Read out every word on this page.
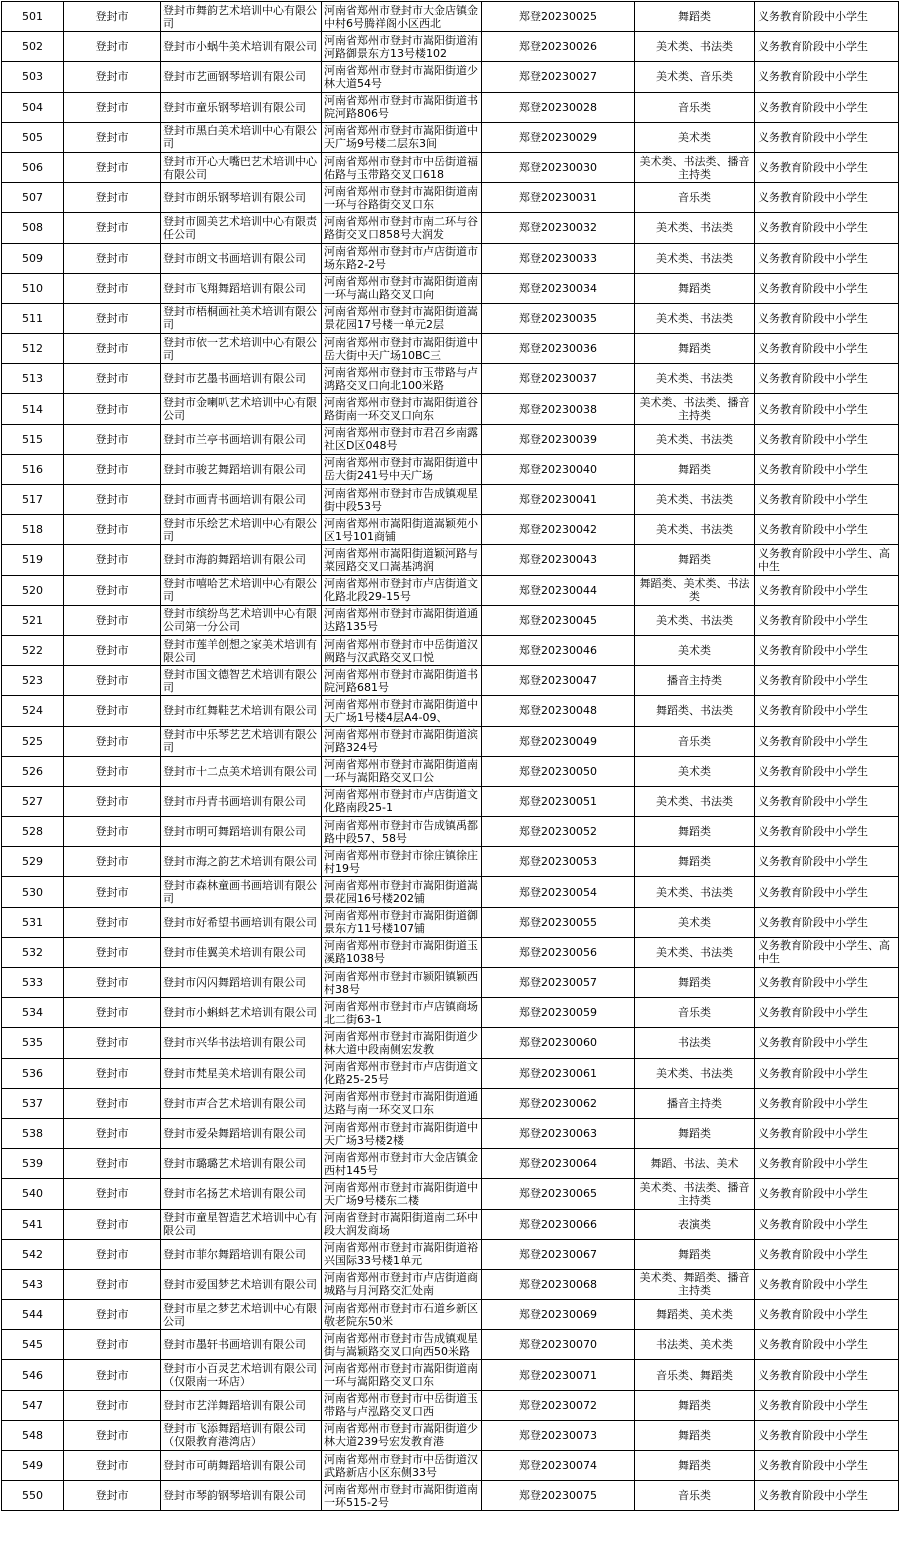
501	登封市	登封市舞韵艺术培训中心有限公司	河南省郑州市登封市大金店镇金中村6号腾祥阁小区西北	郑登20230025	舞蹈类	义务教育阶段中小学生
502	登封市	登封市小蜗牛美术培训有限公司	河南省郑州市登封市嵩阳街道洧河路御景东方13号楼102	郑登20230026	美术类、书法类	义务教育阶段中小学生
503	登封市	登封市艺画钢琴培训有限公司	河南省郑州市登封市嵩阳街道少林大道54号	郑登20230027	美术类、音乐类	义务教育阶段中小学生
504	登封市	登封市童乐钢琴培训有限公司	河南省郑州市登封市嵩阳街道书院河路806号	郑登20230028	音乐类	义务教育阶段中小学生
505	登封市	登封市黑白美术培训中心有限公司	河南省郑州市登封市嵩阳街道中天广场9号楼二层东3间	郑登20230029	美术类	义务教育阶段中小学生
506	登封市	登封市开心大嘴巴艺术培训中心有限公司	河南省郑州市登封市中岳街道福佑路与玉带路交叉口618	郑登20230030	美术类、书法类、播音主持类	义务教育阶段中小学生
507	登封市	登封市朗乐钢琴培训有限公司	河南省郑州市登封市嵩阳街道南一环与谷路街交叉口东	郑登20230031	音乐类	义务教育阶段中小学生
508	登封市	登封市圆美艺术培训中心有限责任公司	河南省郑州市登封市南二环与谷路街交叉口858号大润发	郑登20230032	美术类、书法类	义务教育阶段中小学生
509	登封市	登封市朗文书画培训有限公司	河南省郑州市登封市卢店街道市场东路2-2号	郑登20230033	美术类、书法类	义务教育阶段中小学生
510	登封市	登封市飞翔舞蹈培训有限公司	河南省郑州市登封市嵩阳街道南一环与嵩山路交叉口向	郑登20230034	舞蹈类	义务教育阶段中小学生
511	登封市	登封市梧桐画社美术培训有限公司	河南省郑州市登封市嵩阳街道嵩景花园17号楼一单元2层	郑登20230035	美术类、书法类	义务教育阶段中小学生
512	登封市	登封市依一艺术培训中心有限公司	河南省郑州市登封市嵩阳街道中岳大街中天广场10BC三	郑登20230036	舞蹈类	义务教育阶段中小学生
513	登封市	登封市艺墨书画培训有限公司	河南省郑州市登封市玉带路与卢鸿路交叉口向北100米路	郑登20230037	美术类、书法类	义务教育阶段中小学生
514	登封市	登封市金喇叭艺术培训中心有限公司	河南省郑州市登封市嵩阳街道谷路街南一环交叉口向东	郑登20230038	美术类、书法类、播音主持类	义务教育阶段中小学生
515	登封市	登封市兰亭书画培训有限公司	河南省郑州市登封市君召乡南露社区D区048号	郑登20230039	美术类、书法类	义务教育阶段中小学生
516	登封市	登封市骏艺舞蹈培训有限公司	河南省郑州市登封市嵩阳街道中岳大街241号中天广场	郑登20230040	舞蹈类	义务教育阶段中小学生
517	登封市	登封市画青书画培训有限公司	河南省郑州市登封市告成镇观星街中段53号	郑登20230041	美术类、书法类	义务教育阶段中小学生
518	登封市	登封市乐绘艺术培训中心有限公司	河南省郑州市嵩阳街道嵩颖苑小区1号101商铺	郑登20230042	美术类、书法类	义务教育阶段中小学生
519	登封市	登封市海韵舞蹈培训有限公司	河南省郑州市嵩阳街道颖河路与菜园路交叉口嵩基鸿润	郑登20230043	舞蹈类	义务教育阶段中小学生、高中生
520	登封市	登封市嘻哈艺术培训中心有限公司	河南省郑州市登封市卢店街道文化路北段29-15号	郑登20230044	舞蹈类、美术类、书法类	义务教育阶段中小学生
521	登封市	登封市缤纷鸟艺术培训中心有限公司第一分公司	河南省郑州市登封市嵩阳街道通达路135号	郑登20230045	美术类、书法类	义务教育阶段中小学生
522	登封市	登封市莲羊创想之家美术培训有限公司	河南省郑州市登封市中岳街道汉阙路与汉武路交叉口悦	郑登20230046	美术类	义务教育阶段中小学生
523	登封市	登封市国文德智艺术培训有限公司	河南省郑州市登封市嵩阳街道书院河路681号	郑登20230047	播音主持类	义务教育阶段中小学生
524	登封市	登封市红舞鞋艺术培训有限公司	河南省郑州市登封市嵩阳街道中天广场1号楼4层A4-09、	郑登20230048	舞蹈类、书法类	义务教育阶段中小学生
525	登封市	登封市中乐琴艺艺术培训有限公司	河南省郑州市登封市嵩阳街道滨河路324号	郑登20230049	音乐类	义务教育阶段中小学生
526	登封市	登封市十二点美术培训有限公司	河南省郑州市登封市嵩阳街道南一环与嵩阳路交叉口公	郑登20230050	美术类	义务教育阶段中小学生
527	登封市	登封市丹青书画培训有限公司	河南省郑州市登封市卢店街道文化路南段25-1	郑登20230051	美术类、书法类	义务教育阶段中小学生
528	登封市	登封市明可舞蹈培训有限公司	河南省郑州市登封市告成镇禹都路中段57、58号	郑登20230052	舞蹈类	义务教育阶段中小学生
529	登封市	登封市海之韵艺术培训有限公司	河南省郑州市登封市徐庄镇徐庄村19号	郑登20230053	舞蹈类	义务教育阶段中小学生
530	登封市	登封市森林童画书画培训有限公司	河南省郑州市登封市嵩阳街道嵩景花园16号楼202铺	郑登20230054	美术类、书法类	义务教育阶段中小学生
531	登封市	登封市好希望书画培训有限公司	河南省郑州市登封市嵩阳街道御景东方11号楼107铺	郑登20230055	美术类	义务教育阶段中小学生
532	登封市	登封市佳翼美术培训有限公司	河南省郑州市登封市嵩阳街道玉溪路1038号	郑登20230056	美术类、书法类	义务教育阶段中小学生、高中生
533	登封市	登封市闪闪舞蹈培训有限公司	河南省郑州市登封市颍阳镇颖西村38号	郑登20230057	舞蹈类	义务教育阶段中小学生
534	登封市	登封市小蝌蚪艺术培训有限公司	河南省郑州市登封市卢店镇商场北二街63-1	郑登20230059	音乐类	义务教育阶段中小学生
535	登封市	登封市兴华书法培训有限公司	河南省郑州市登封市嵩阳街道少林大道中段南侧宏发教	郑登20230060	书法类	义务教育阶段中小学生
536	登封市	登封市梵星美术培训有限公司	河南省郑州市登封市卢店街道文化路25-25号	郑登20230061	美术类、书法类	义务教育阶段中小学生
537	登封市	登封市声合艺术培训有限公司	河南省郑州市登封市嵩阳街道通达路与南一环交叉口东	郑登20230062	播音主持类	义务教育阶段中小学生
538	登封市	登封市爱朵舞蹈培训有限公司	河南省郑州市登封市嵩阳街道中天广场3号楼2楼	郑登20230063	舞蹈类	义务教育阶段中小学生
539	登封市	登封市璐璐艺术培训有限公司	河南省郑州市登封市大金店镇金西村145号	郑登20230064	舞蹈、书法、美术	义务教育阶段中小学生
540	登封市	登封市名扬艺术培训有限公司	河南省郑州市登封市嵩阳街道中天广场9号楼东二楼	郑登20230065	美术类、书法类、播音主持类	义务教育阶段中小学生
541	登封市	登封市童星智造艺术培训中心有限公司	河南省登封市嵩阳街道南二环中段大润发商场	郑登20230066	表演类	义务教育阶段中小学生
542	登封市	登封市菲尔舞蹈培训有限公司	河南省郑州市登封市嵩阳街道裕兴国际33号楼1单元	郑登20230067	舞蹈类	义务教育阶段中小学生
543	登封市	登封市爱国梦艺术培训有限公司	河南省郑州市登封市卢店街道商城路与月河路交汇处南	郑登20230068	美术类、舞蹈类、播音主持类	义务教育阶段中小学生
544	登封市	登封市星之梦艺术培训中心有限公司	河南省郑州市登封市石道乡新区敬老院东50米	郑登20230069	舞蹈类、美术类	义务教育阶段中小学生
545	登封市	登封市墨轩书画培训有限公司	河南省郑州市登封市告成镇观星街与嵩颖路交叉口向西50米路	郑登20230070	书法类、美术类	义务教育阶段中小学生
546	登封市	登封市小百灵艺术培训有限公司（仅限南一环店）	河南省郑州市登封市嵩阳街道南一环与嵩阳路交叉口东	郑登20230071	音乐类、舞蹈类	义务教育阶段中小学生
547	登封市	登封市艺洋舞蹈培训有限公司	河南省郑州市登封市中岳街道玉带路与卢泓路交叉口西	郑登20230072	舞蹈类	义务教育阶段中小学生
548	登封市	登封市飞添舞蹈培训有限公司（仅限教育港湾店）	河南省郑州市登封市嵩阳街道少林大道239号宏发教育港	郑登20230073	舞蹈类	义务教育阶段中小学生
549	登封市	登封市可萌舞蹈培训有限公司	河南省郑州市登封市中岳街道汉武路新店小区东侧33号	郑登20230074	舞蹈类	义务教育阶段中小学生
550	登封市	登封市琴韵钢琴培训有限公司	河南省郑州市登封市嵩阳街道南一环515-2号	郑登20230075	音乐类	义务教育阶段中小学生
